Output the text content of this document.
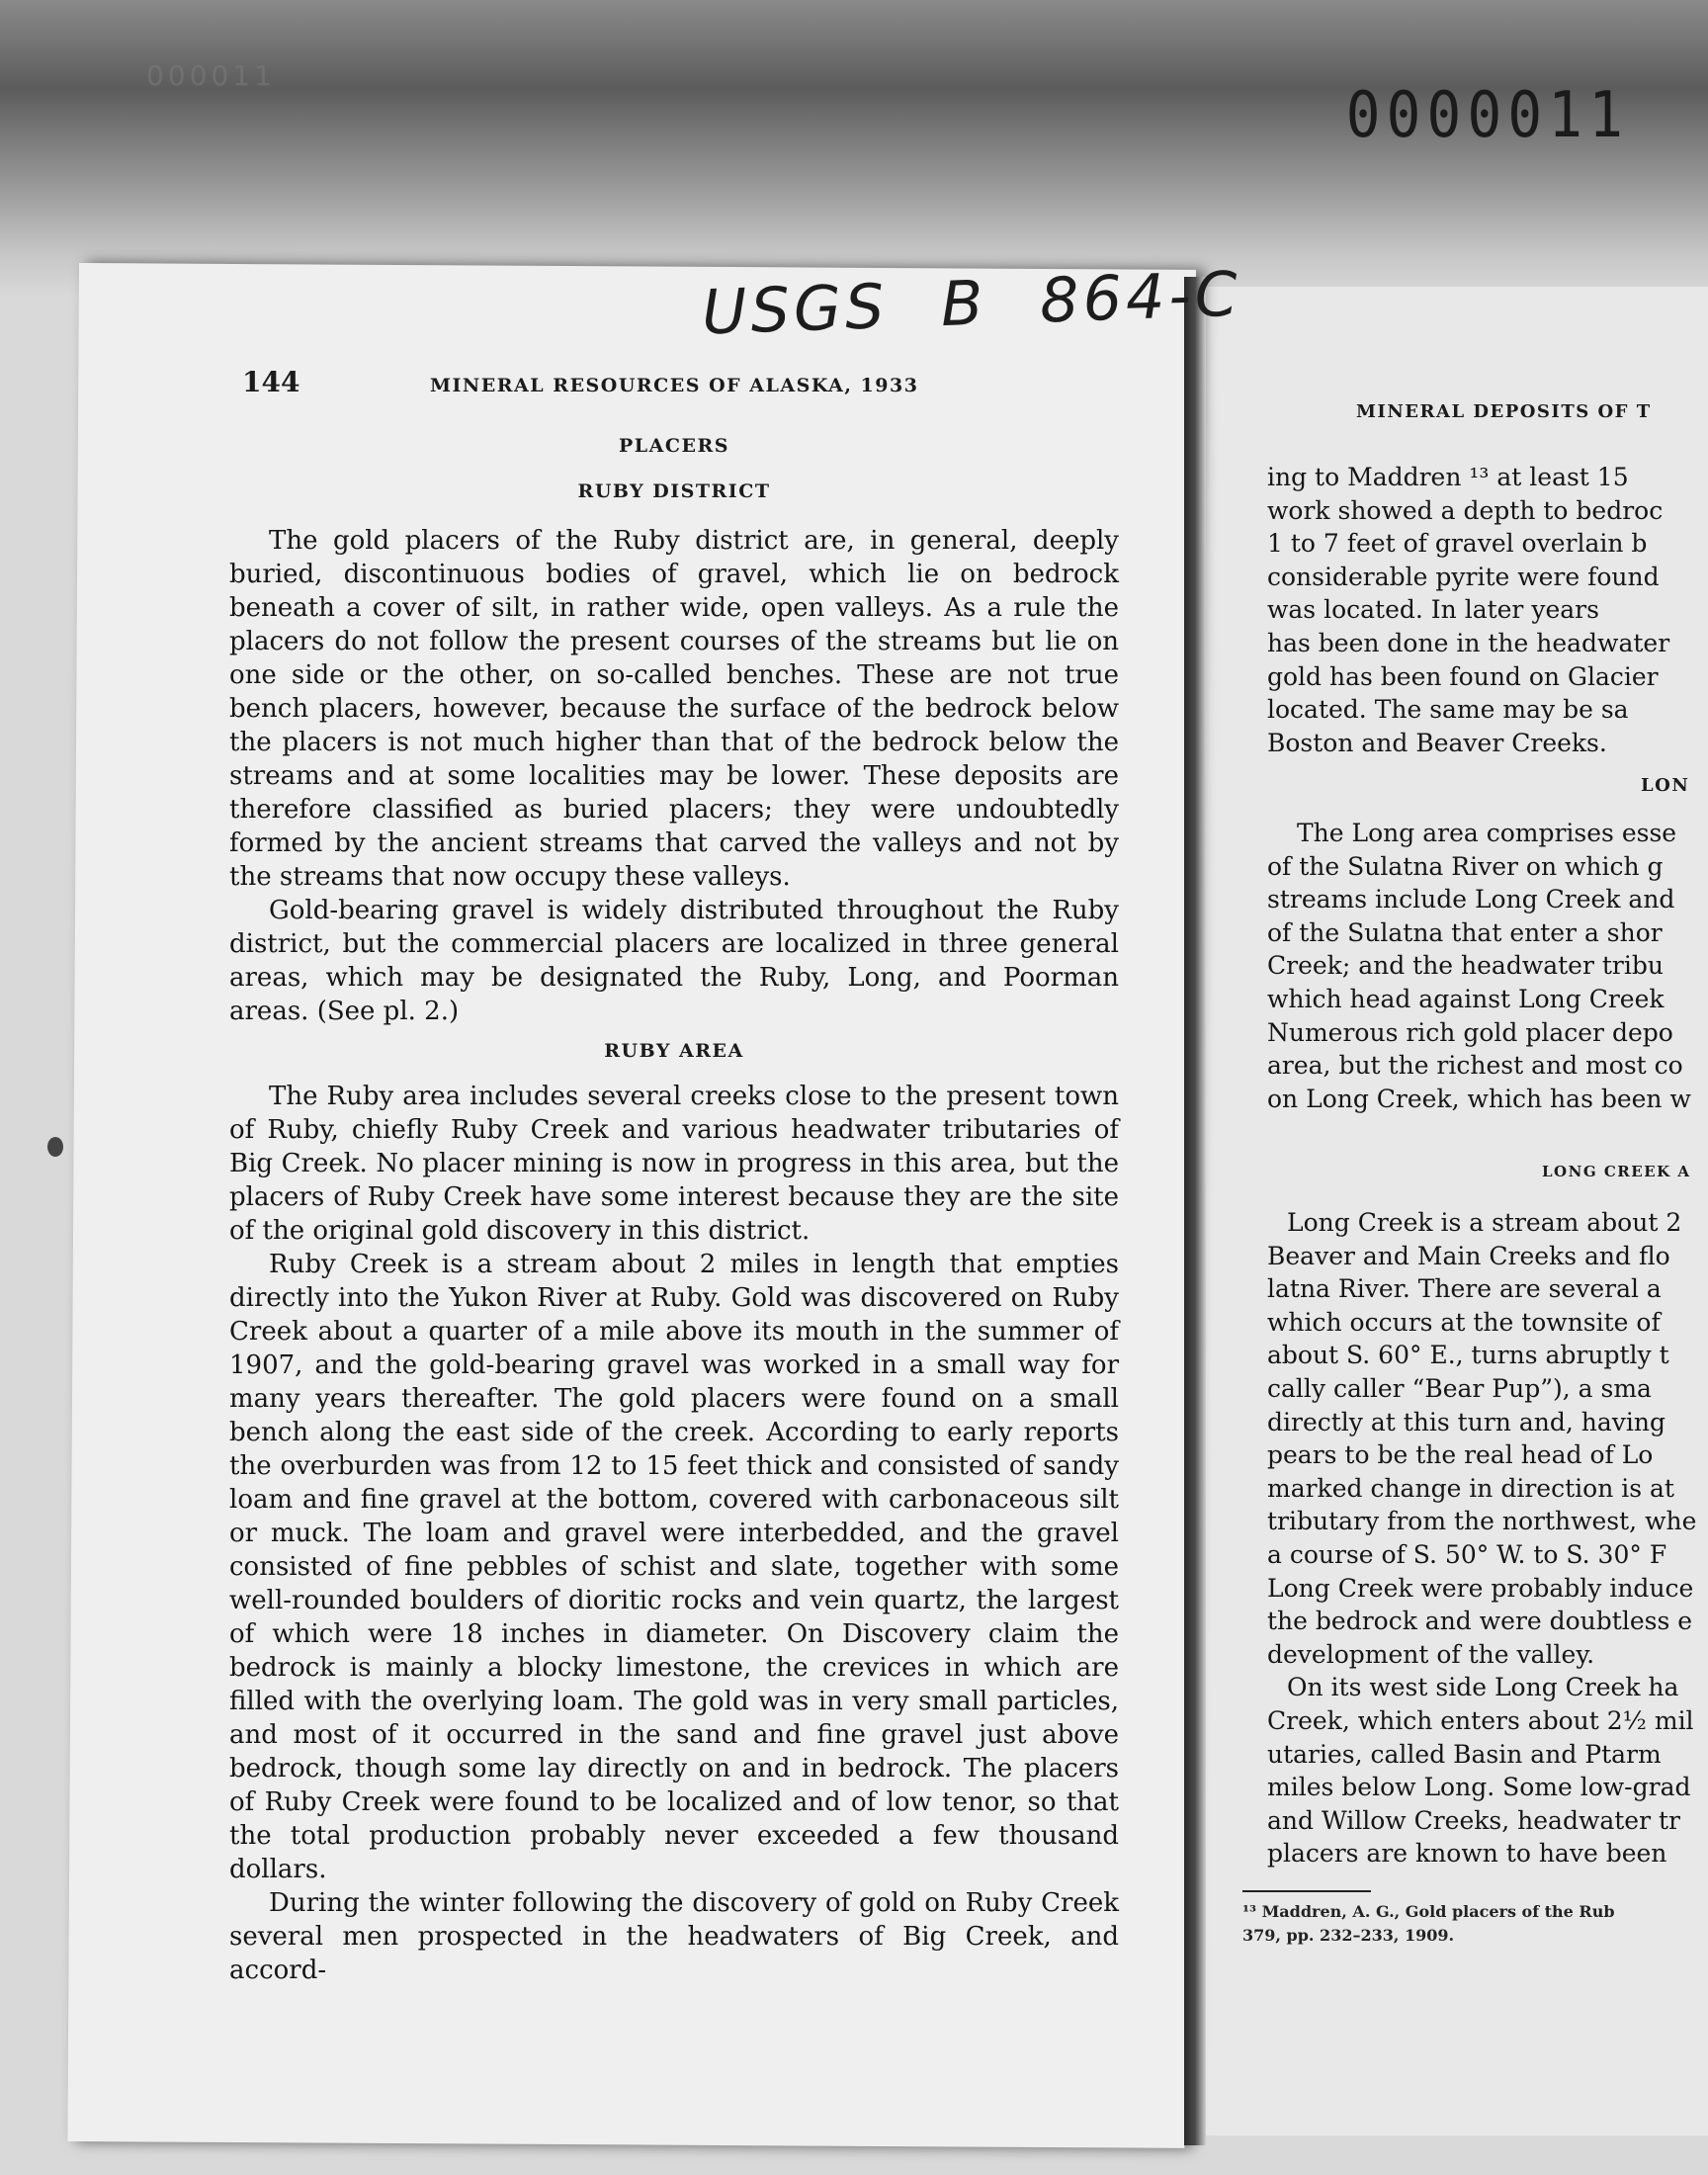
000011
0000011
USGS B 864-C
144	MINERAL RESOURCES OF ALASKA, 1933
PLACERS
RUBY DISTRICT

The gold placers of the Ruby district are, in general, deeply buried, discontinuous bodies of gravel, which lie on bedrock beneath a cover of silt, in rather wide, open valleys. As a rule the placers do not follow the present courses of the streams but lie on one side or the other, on so-called benches. These are not true bench placers, however, because the surface of the bedrock below the placers is not much higher than that of the bedrock below the streams and at some localities may be lower. These deposits are therefore classified as buried placers; they were undoubtedly formed by the ancient streams that carved the valleys and not by the streams that now occupy these valleys.

Gold-bearing gravel is widely distributed throughout the Ruby district, but the commercial placers are localized in three general areas, which may be designated the Ruby, Long, and Poorman areas. (See pl. 2.)

RUBY AREA

The Ruby area includes several creeks close to the present town of Ruby, chiefly Ruby Creek and various headwater tributaries of Big Creek. No placer mining is now in progress in this area, but the placers of Ruby Creek have some interest because they are the site of the original gold discovery in this district.

Ruby Creek is a stream about 2 miles in length that empties directly into the Yukon River at Ruby. Gold was discovered on Ruby Creek about a quarter of a mile above its mouth in the summer of 1907, and the gold-bearing gravel was worked in a small way for many years thereafter. The gold placers were found on a small bench along the east side of the creek. According to early reports the overburden was from 12 to 15 feet thick and consisted of sandy loam and fine gravel at the bottom, covered with carbonaceous silt or muck. The loam and gravel were interbedded, and the gravel consisted of fine pebbles of schist and slate, together with some well-rounded boulders of dioritic rocks and vein quartz, the largest of which were 18 inches in diameter. On Discovery claim the bedrock is mainly a blocky limestone, the crevices in which are filled with the overlying loam. The gold was in very small particles, and most of it occurred in the sand and fine gravel just above bedrock, though some lay directly on and in bedrock. The placers of Ruby Creek were found to be localized and of low tenor, so that the total production probably never exceeded a few thousand dollars.

During the winter following the discovery of gold on Ruby Creek several men prospected in the headwaters of Big Creek, and accord-

MINERAL DEPOSITS OF T
ing to Maddren ¹³ at least 15
work showed a depth to bedroc
1 to 7 feet of gravel overlain b
considerable pyrite were found
was located. In later years
has been done in the headwater
gold has been found on Glacier
located. The same may be sa
Boston and Beaver Creeks.
LON
The Long area comprises esse
of the Sulatna River on which g
streams include Long Creek and
of the Sulatna that enter a shor
Creek; and the headwater tribu
which head against Long Creek
Numerous rich gold placer depo
area, but the richest and most co
on Long Creek, which has been w
LONG CREEK A
Long Creek is a stream about 2
Beaver and Main Creeks and flo
latna River. There are several a
which occurs at the townsite of
about S. 60° E., turns abruptly t
cally caller “Bear Pup”), a sma
directly at this turn and, having
pears to be the real head of Lo
marked change in direction is at
tributary from the northwest, whe
a course of S. 50° W. to S. 30° F
Long Creek were probably induce
the bedrock and were doubtless e
development of the valley.
On its west side Long Creek ha
Creek, which enters about 2½ mil
utaries, called Basin and Ptarm
miles below Long. Some low-grad
and Willow Creeks, headwater tr
placers are known to have been
¹³ Maddren, A. G., Gold placers of the Rub
379, pp. 232–233, 1909.
